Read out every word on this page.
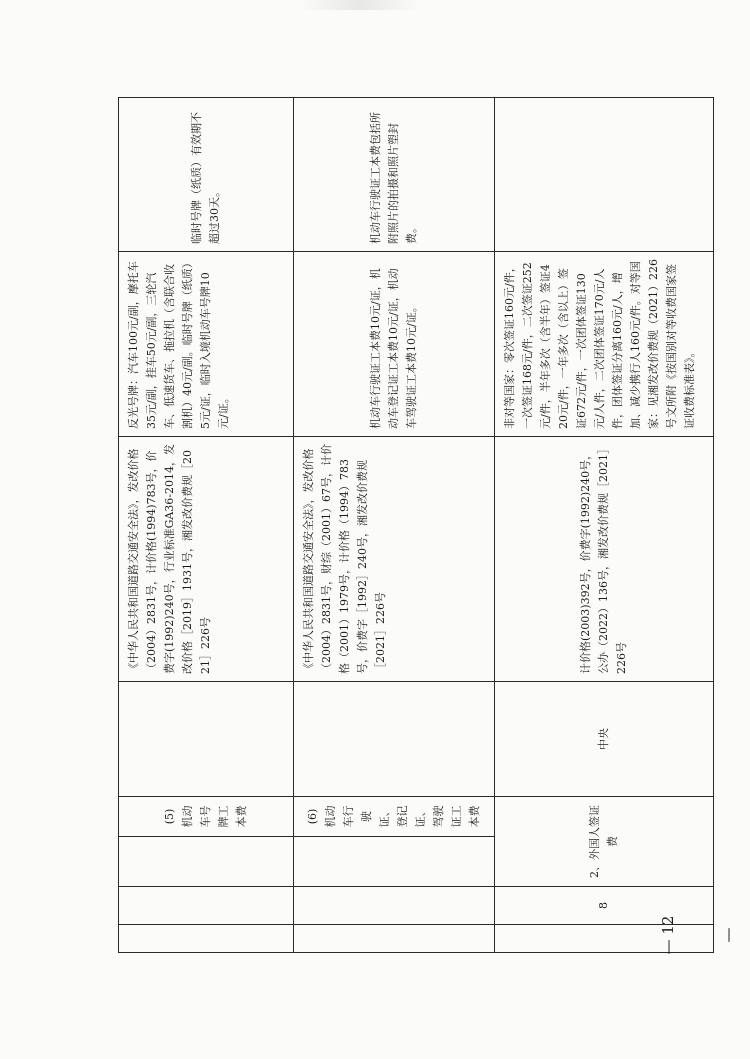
			(5)机动车号牌工本费		《中华人民共和国道路交通安全法》，发改价格（2004）2831号，计价格(1994)783号，价费字(1992)240号，行业标准GA36-2014，发改价格［2019］1931号，湘发改价费规［2021］226号	反光号牌：汽车100元/副，摩托车35元/副，挂车50元/副，三轮汽车、低速货车、拖拉机（含联合收割机）40元/副。临时号牌（纸质）5元/证，临时入境机动车号牌10元/证。	临时号牌（纸质）有效期不超过30天。
			(6)机动车行驶证、登记证、驾驶证工本费		《中华人民共和国道路交通安全法》，发改价格（2004）2831号，财综（2001）67号，计价格（2001）1979号，计价格（1994）783号，价费字［1992］240号，湘发改价费规［2021］226号	机动车行驶证工本费10元/证，机动车登记证工本费10元/证，机动车驾驶证工本费10元/证。	机动车行驶证工本费包括所附照片的拍摄和照片塑封费。
	8	2、外国人签证费		中央	计价格(2003)392号，价费字(1992)240号，公办（2022）136号，湘发改价费规［2021］226号	非对等国家：零次签证160元/件，一次签证168元/件，二次签证252元/件，半年多次（含半年）签证420元/件，一年多次（含以上）签证672元/件，一次团体签证130元/人件，二次团体签证170元/人件，团体签证分离160元/人，增加、减少携行人160元/件。对等国家：见湘发改价费规（2021）226号文所附《按国别对等收费国家签证收费标准表》。	
— 12 —
